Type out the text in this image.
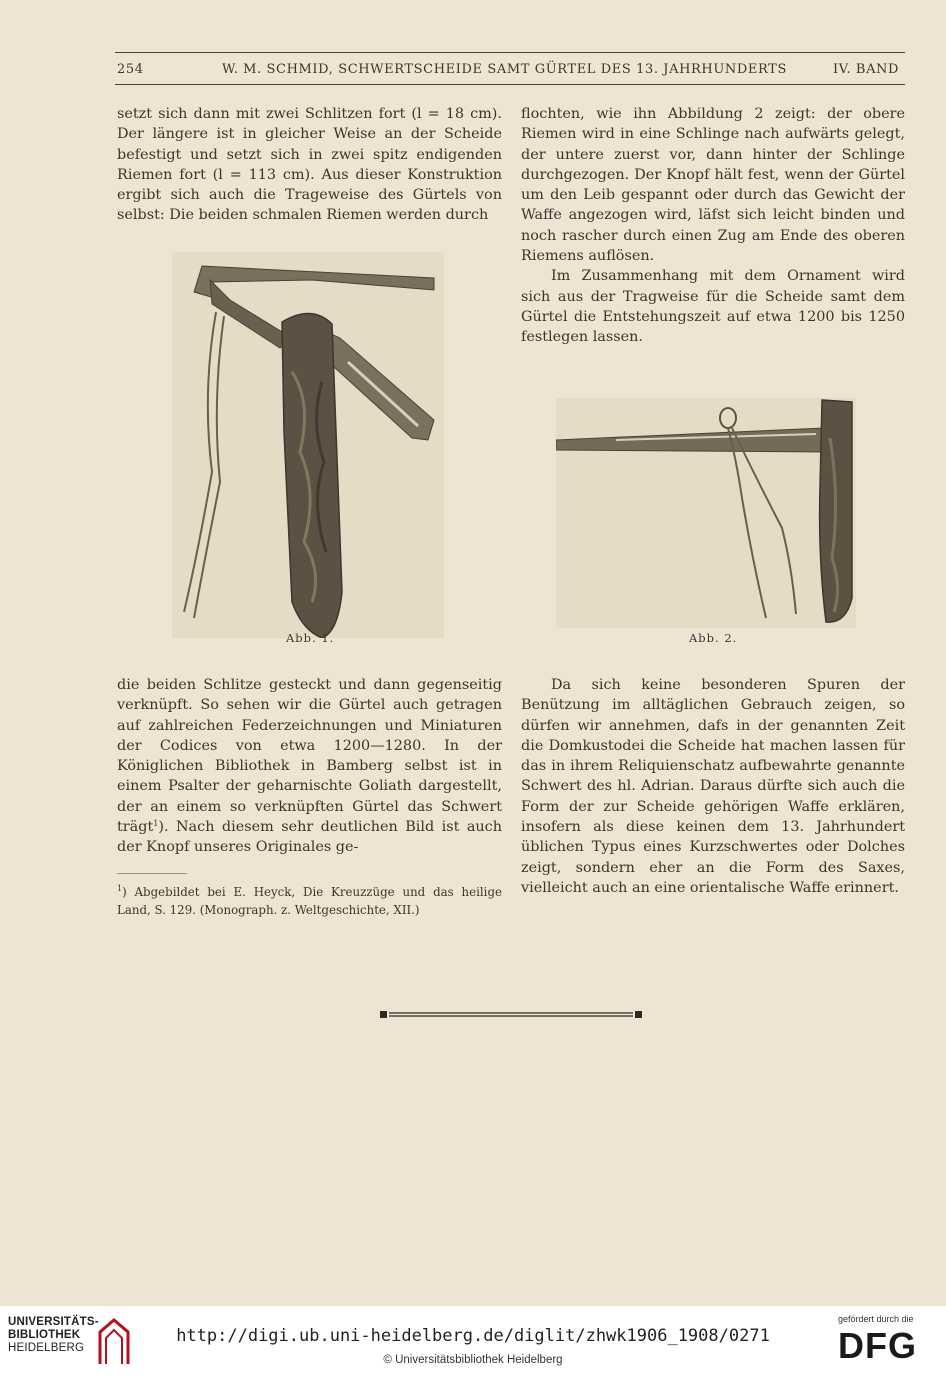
254	W. M. SCHMID, SCHWERTSCHEIDE SAMT GÜRTEL DES 13. JAHRHUNDERTS	IV. BAND

setzt sich dann mit zwei Schlitzen fort (l = 18 cm). Der längere ist in gleicher Weise an der Scheide befestigt und setzt sich in zwei spitz endigenden Riemen fort (l = 113 cm). Aus dieser Konstruktion ergibt sich auch die Trageweise des Gürtels von selbst: Die beiden schmalen Riemen werden durch

flochten, wie ihn Abbildung 2 zeigt: der obere Riemen wird in eine Schlinge nach aufwärts gelegt, der untere zuerst vor, dann hinter der Schlinge durchgezogen. Der Knopf hält fest, wenn der Gürtel um den Leib gespannt oder durch das Gewicht der Waffe angezogen wird, läfst sich leicht binden und noch rascher durch einen Zug am Ende des oberen Riemens auflösen.

Im Zusammenhang mit dem Ornament wird sich aus der Tragweise für die Scheide samt dem Gürtel die Entstehungszeit auf etwa 1200 bis 1250 festlegen lassen.

Abb. 1.	Abb. 2.

die beiden Schlitze gesteckt und dann gegenseitig verknüpft. So sehen wir die Gürtel auch getragen auf zahlreichen Federzeichnungen und Miniaturen der Codices von etwa 1200—1280. In der Königlichen Bibliothek in Bamberg selbst ist in einem Psalter der geharnischte Goliath dargestellt, der an einem so verknüpften Gürtel das Schwert trägt$^1$). Nach diesem sehr deutlichen Bild ist auch der Knopf unseres Originales ge-

$^1$) Abgebildet bei E. Heyck, Die Kreuzzüge und das heilige Land, S. 129. (Monograph. z. Weltgeschichte, XII.)

Da sich keine besonderen Spuren der Benützung im alltäglichen Gebrauch zeigen, so dürfen wir annehmen, dafs in der genannten Zeit die Domkustodei die Scheide hat machen lassen für das in ihrem Reliquienschatz aufbewahrte genannte Schwert des hl. Adrian. Daraus dürfte sich auch die Form der zur Scheide gehörigen Waffe erklären, insofern als diese keinen dem 13. Jahrhundert üblichen Typus eines Kurzschwertes oder Dolches zeigt, sondern eher an die Form des Saxes, vielleicht auch an eine orientalische Waffe erinnert.

UNIVERSITÄTS-
BIBLIOTHEK
HEIDELBERG
http://digi.ub.uni-heidelberg.de/diglit/zhwk1906_1908/0271
© Universitätsbibliothek Heidelberg
gefördert durch die
DFG
